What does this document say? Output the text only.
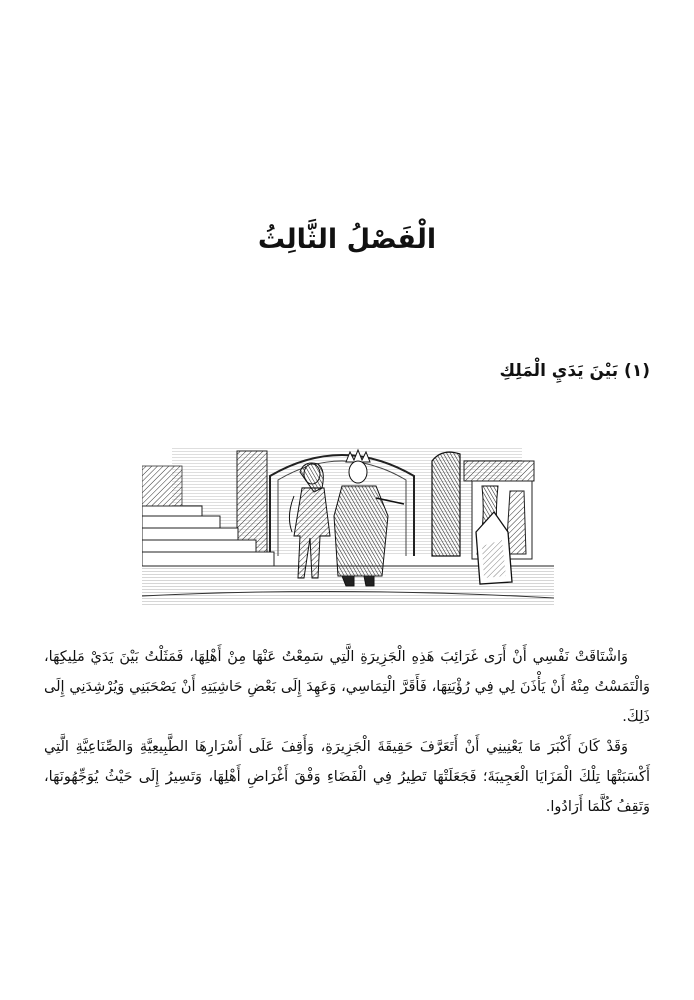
الْفَصْلُ الثَّالِثُ
(١) بَيْنَ يَدَيِ الْمَلِكِ

وَاشْتَاقَتْ نَفْسِي أَنْ أَرَى غَرَائِبَ هَذِهِ الْجَزِيرَةِ الَّتِي سَمِعْتُ عَنْهَا مِنْ أَهْلِهَا، فَمَثَلْتُ بَيْنَ يَدَيْ مَلِيكِهَا، وَالْتَمَسْتُ مِنْهُ أَنْ يَأْذَنَ لِي فِي رُؤْيَتِهَا، فَأَقَرَّ الْتِمَاسِي، وَعَهِدَ إِلَى بَعْضِ حَاشِيَتِهِ أَنْ يَصْحَبَنِي وَيُرْشِدَنِي إِلَى ذَلِكَ.

وَقَدْ كَانَ أَكْبَرَ مَا يَعْنِينِي أَنْ أَتَعَرَّفَ حَقِيقَةَ الْجَزِيرَةِ، وَأَقِفَ عَلَى أَسْرَارِهَا الطَّبِيعِيَّةِ وَالصِّنَاعِيَّةِ الَّتِي أَكْسَبَتْهَا تِلْكَ الْمَزَايَا الْعَجِيبَةَ؛ فَجَعَلَتْهَا تَطِيرُ فِي الْفَضَاءِ وَفْقَ أَغْرَاضِ أَهْلِهَا، وَتَسِيرُ إِلَى حَيْثُ يُوَجِّهُونَهَا، وَتَقِفُ كُلَّمَا أَرَادُوا.
